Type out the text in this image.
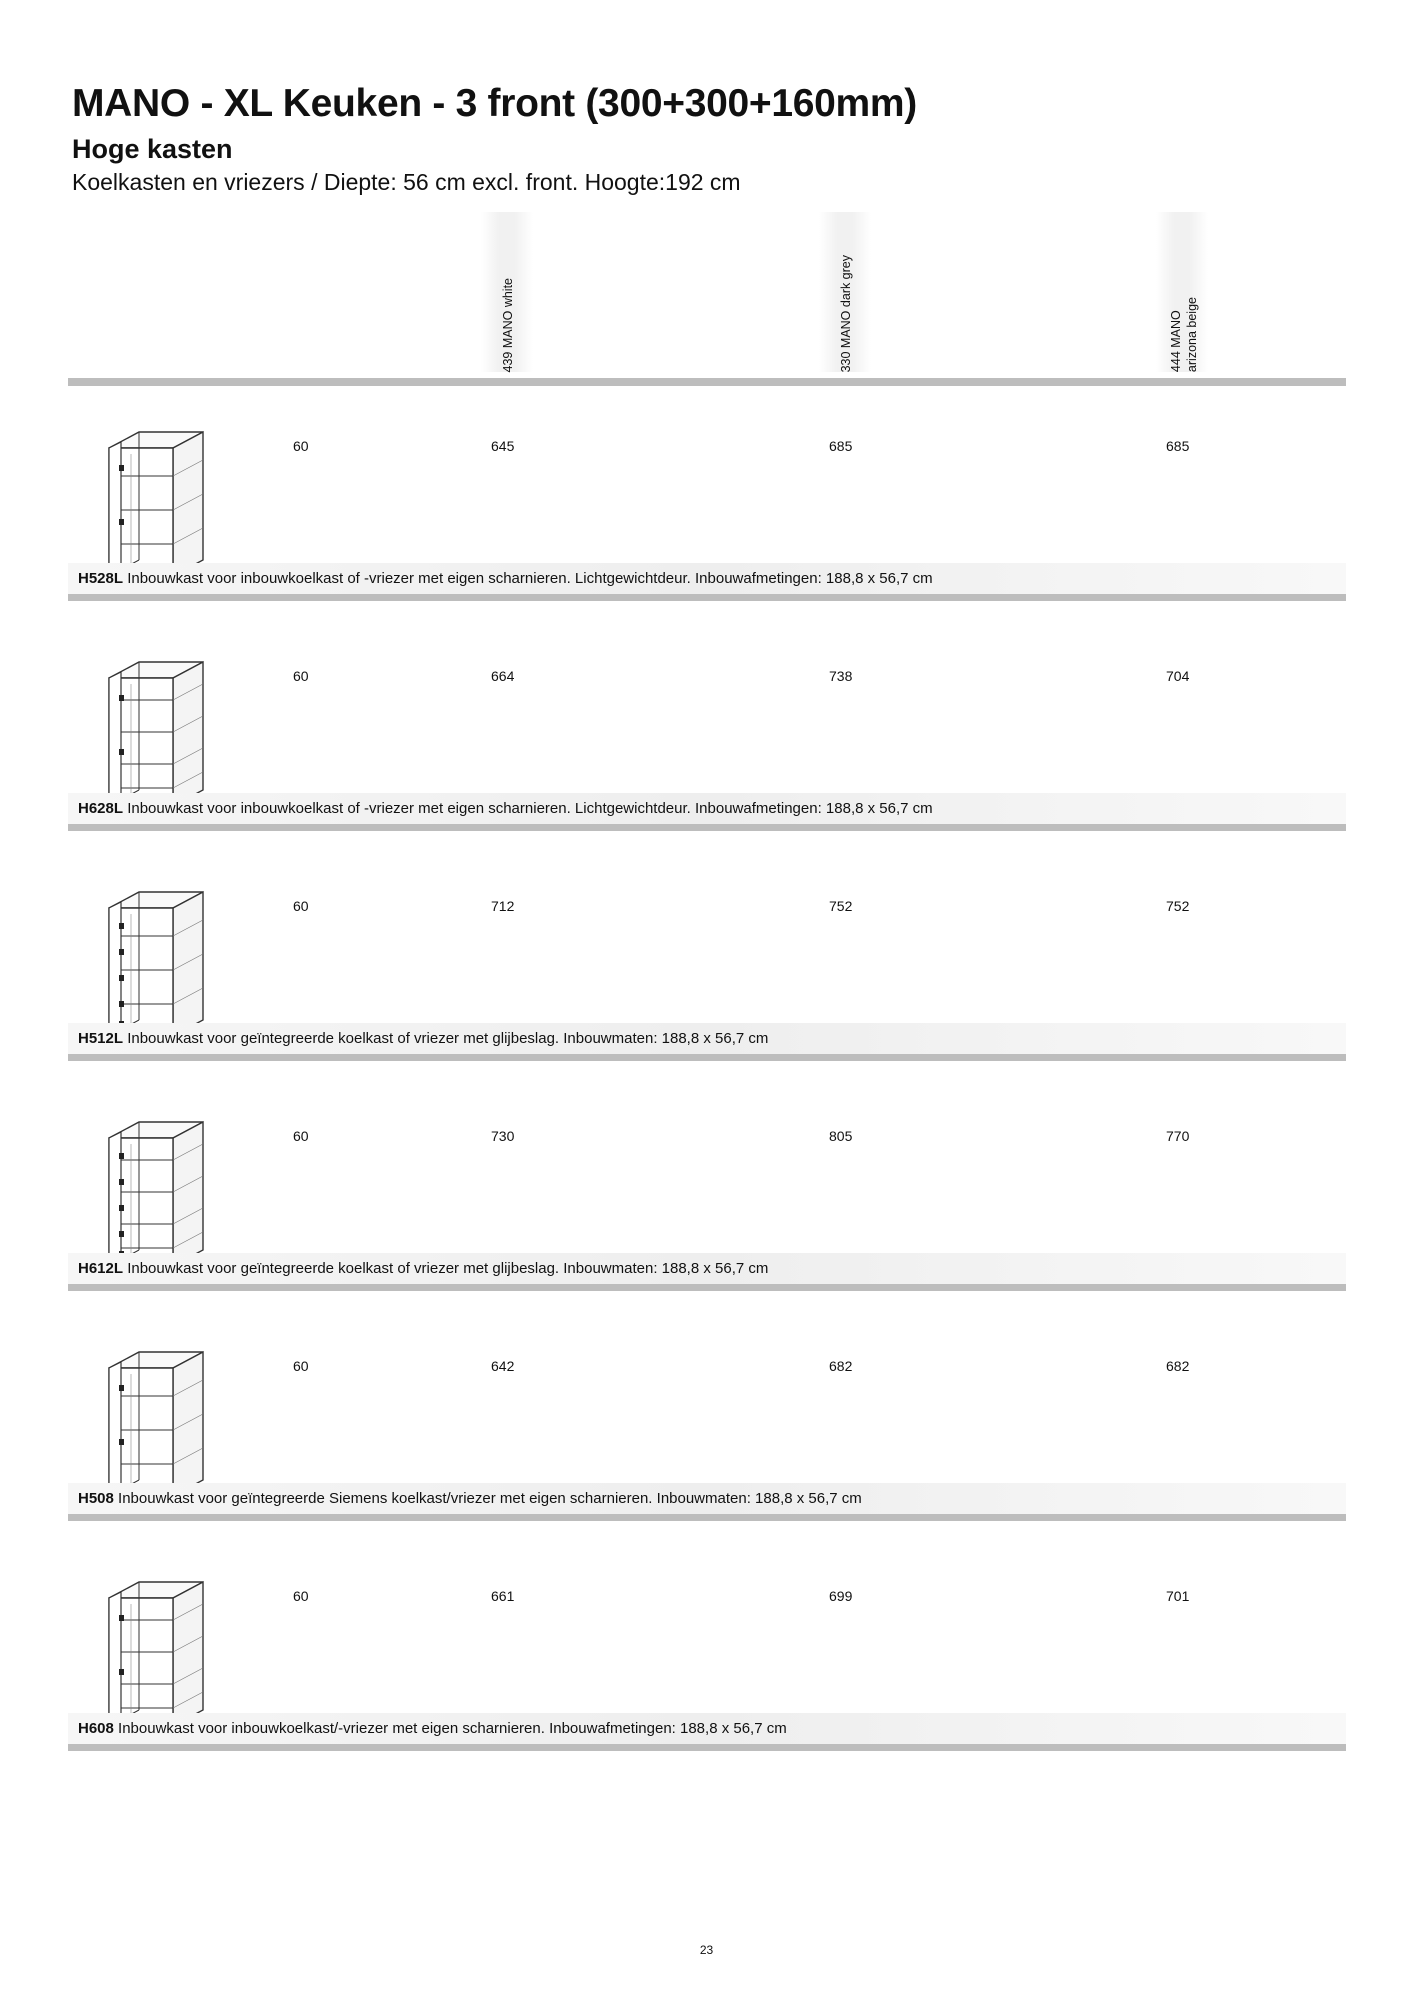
MANO - XL Keuken - 3 front (300+300+160mm)
Hoge kasten

Koelkasten en vriezers / Diepte: 56 cm excl. front. Hoogte:192 cm

439 MANO white	330 MANO dark grey	444 MANO
arizona beige
60	645	685	685
H528L Inbouwkast voor inbouwkoelkast of -vriezer met eigen scharnieren. Lichtgewichtdeur. Inbouwafmetingen: 188,8 x 56,7 cm
60	664	738	704
H628L Inbouwkast voor inbouwkoelkast of -vriezer met eigen scharnieren. Lichtgewichtdeur. Inbouwafmetingen: 188,8 x 56,7 cm
60	712	752	752
H512L Inbouwkast voor geïntegreerde koelkast of vriezer met glijbeslag. Inbouwmaten: 188,8 x 56,7 cm
60	730	805	770
H612L Inbouwkast voor geïntegreerde koelkast of vriezer met glijbeslag. Inbouwmaten: 188,8 x 56,7 cm
60	642	682	682
H508 Inbouwkast voor geïntegreerde Siemens koelkast/vriezer met eigen scharnieren. Inbouwmaten: 188,8 x 56,7 cm
60	661	699	701
H608 Inbouwkast voor inbouwkoelkast/-vriezer met eigen scharnieren. Inbouwafmetingen: 188,8 x 56,7 cm
23
